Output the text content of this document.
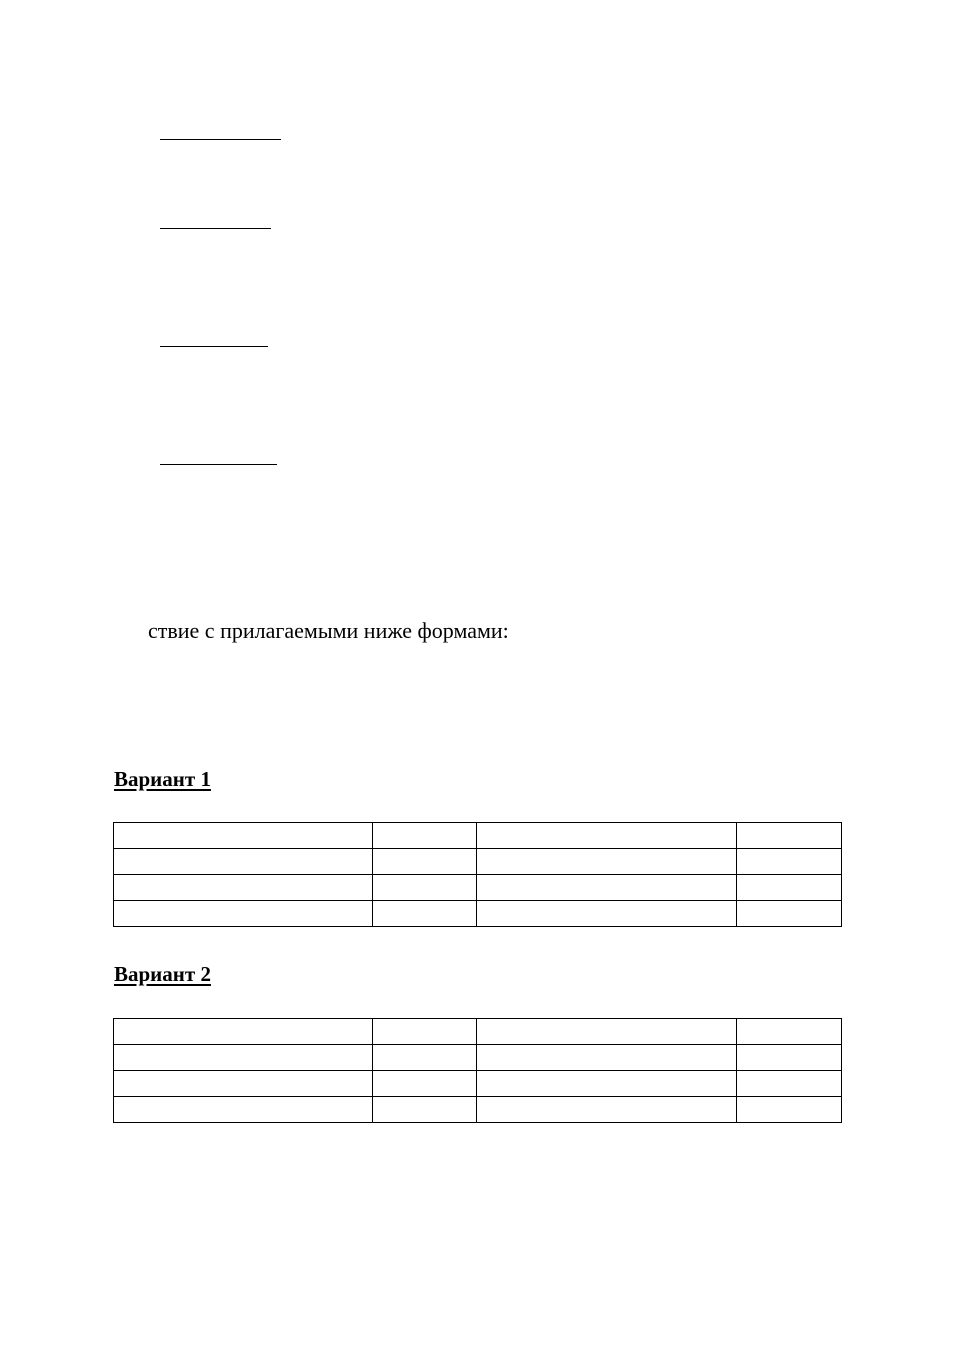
ствие с прилагаемыми ниже формами:
Вариант 1

Вариант 2
